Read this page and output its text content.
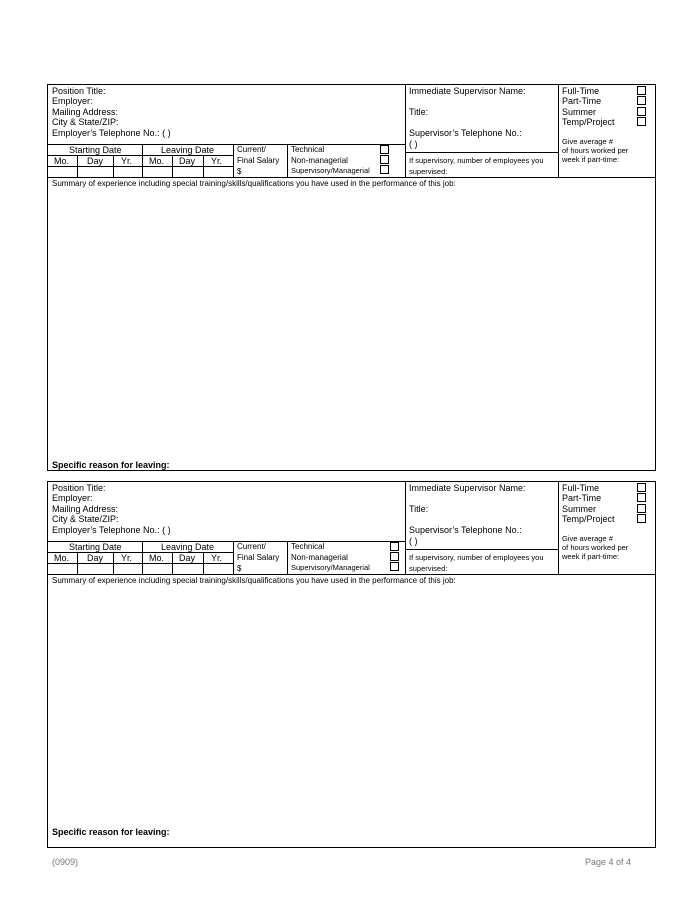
Position Title:
Employer:
Mailing Address:
City & State/ZIP:
Employer’s Telephone No.: ( )
Starting Date	Leaving Date
Mo. Day Yr. Mo. Day Yr.
Current/
Final Salary
$
Technical
Non-managerial
Supervisory/Managerial
Immediate Supervisor Name:
Title:
Supervisor’s Telephone No.:
( )
If supervisory, number of employees you
supervised:
Full-Time
Part-Time
Summer
Temp/Project
Give average #
of hours worked per
week if part-time:
Summary of experience including special training/skills/qualifications you have used in the performance of this job:
Specific reason for leaving:
Position Title:
Employer:
Mailing Address:
City & State/ZIP:
Employer’s Telephone No.: ( )
Starting Date	Leaving Date
Mo. Day Yr. Mo. Day Yr.
Current/
Final Salary
$
Technical
Non-managerial
Supervisory/Managerial
Immediate Supervisor Name:
Title:
Supervisor’s Telephone No.:
( )
If supervisory, number of employees you
supervised:
Full-Time
Part-Time
Summer
Temp/Project
Give average #
of hours worked per
week if part-time:
Summary of experience including special training/skills/qualifications you have used in the performance of this job:
Specific reason for leaving:
(0909)	Page 4 of 4
